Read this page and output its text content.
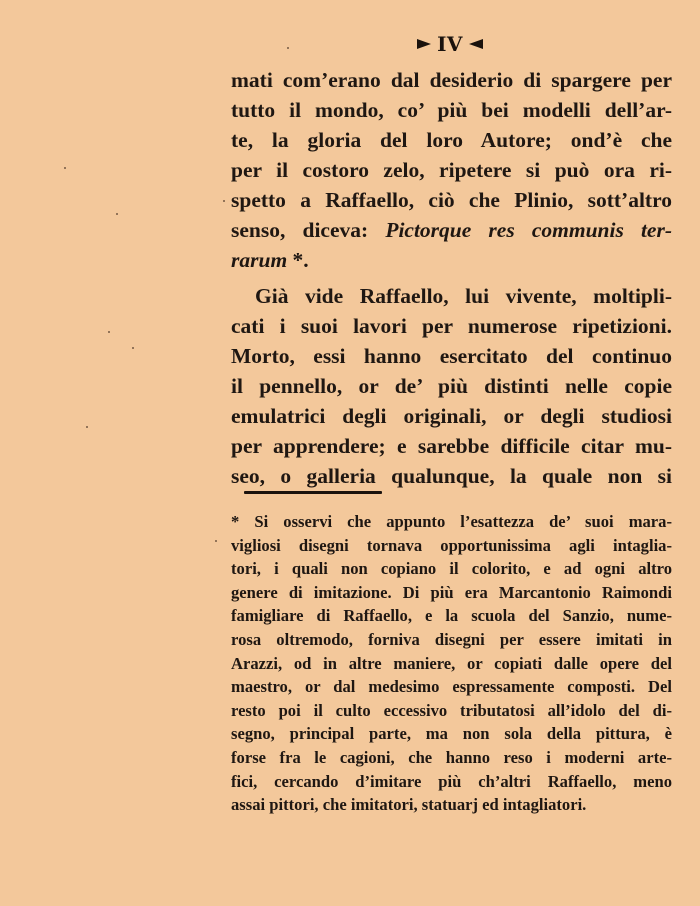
IV
mati com’erano dal desiderio di spargere per
tutto il mondo, co’ più bei modelli dell’ar-
te, la gloria del loro Autore; ond’è che
per il costoro zelo, ripetere si può ora ri-
spetto a Raffaello, ciò che Plinio, sott’altro
senso, diceva: Pictorque res communis ter-
rarum *.
Già vide Raffaello, lui vivente, moltipli-
cati i suoi lavori per numerose ripetizioni.
Morto, essi hanno esercitato del continuo
il pennello, or de’ più distinti nelle copie
emulatrici degli originali, or degli studiosi
per apprendere; e sarebbe difficile citar mu-
seo, o galleria qualunque, la quale non si
* Si osservi che appunto l’esattezza de’ suoi mara-
vigliosi disegni tornava opportunissima agli intaglia-
tori, i quali non copiano il colorito, e ad ogni altro
genere di imitazione. Di più era Marcantonio Raimondi
famigliare di Raffaello, e la scuola del Sanzio, nume-
rosa oltremodo, forniva disegni per essere imitati in
Arazzi, od in altre maniere, or copiati dalle opere del
maestro, or dal medesimo espressamente composti. Del
resto poi il culto eccessivo tributatosi all’idolo del di-
segno, principal parte, ma non sola della pittura, è
forse fra le cagioni, che hanno reso i moderni arte-
fici, cercando d’imitare più ch’altri Raffaello, meno
assai pittori, che imitatori, statuarj ed intagliatori.
